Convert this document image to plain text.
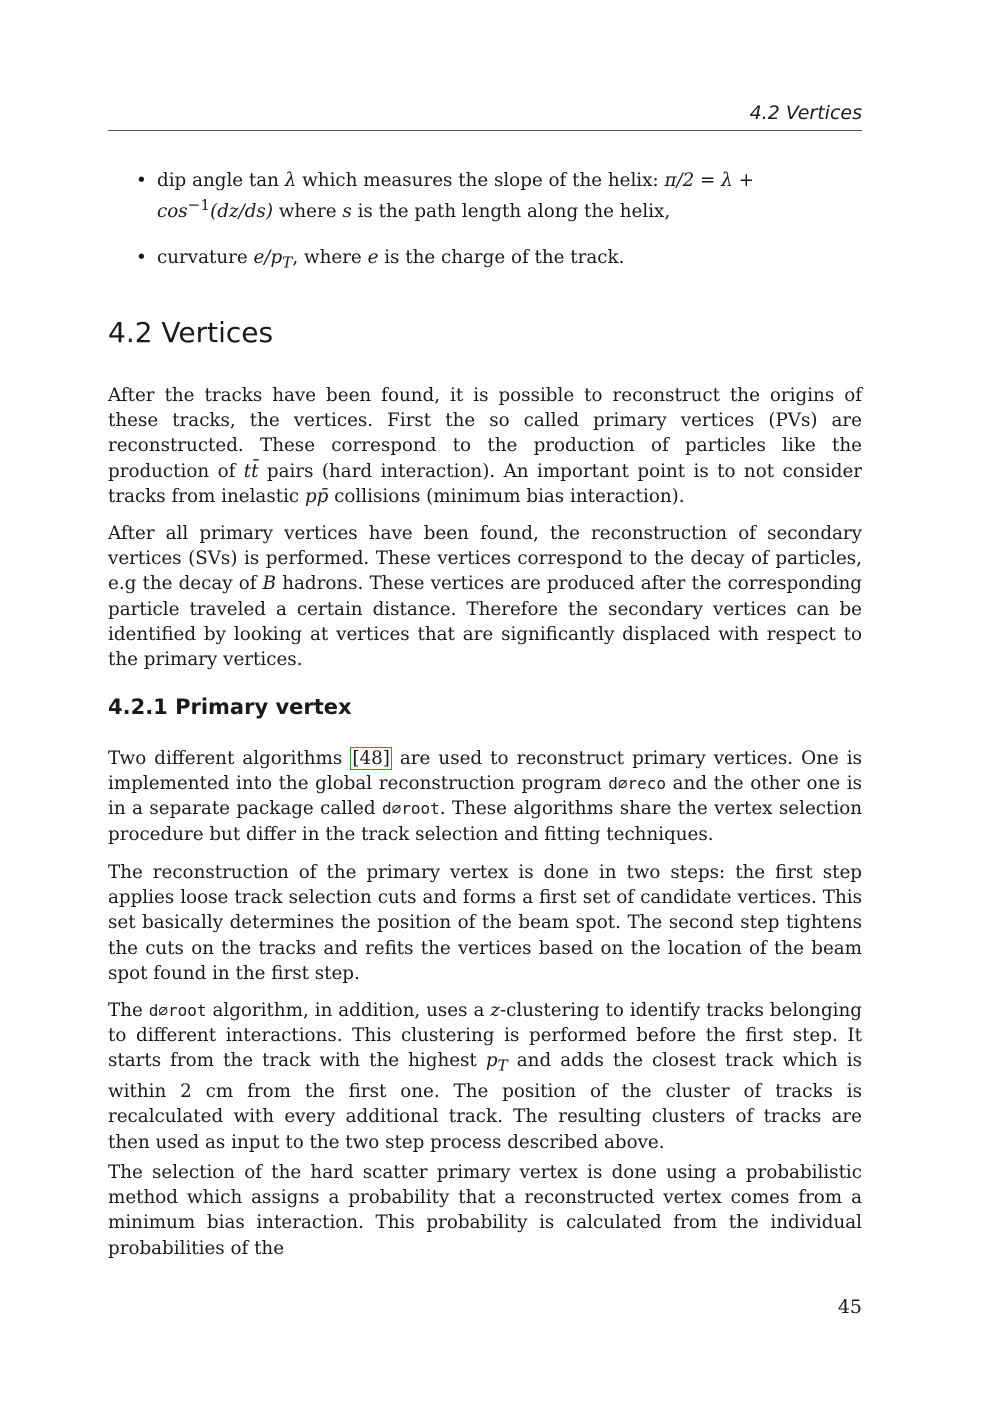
4.2 Vertices
• dip angle tan λ which measures the slope of the helix: $\pi/2 = \lambda + \cos^{-1}(dz/ds)$ where s is the path length along the helix,
• curvature $e/p_T$, where e is the charge of the track.
4.2 Vertices

After the tracks have been found, it is possible to reconstruct the origins of these tracks, the vertices. First the so called primary vertices (PVs) are reconstructed. These correspond to the production of particles like the production of tt̄ pairs (hard interaction). An important point is to not consider tracks from inelastic pp̄ collisions (minimum bias interaction).

After all primary vertices have been found, the reconstruction of secondary vertices (SVs) is performed. These vertices correspond to the decay of particles, e.g the decay of B hadrons. These vertices are produced after the corresponding particle traveled a certain distance. Therefore the secondary vertices can be identified by looking at vertices that are significantly displaced with respect to the primary vertices.

4.2.1 Primary vertex

Two different algorithms [48] are used to reconstruct primary vertices. One is implemented into the global reconstruction program d∅reco and the other one is in a separate package called d∅root. These algorithms share the vertex selection procedure but differ in the track selection and fitting techniques.

The reconstruction of the primary vertex is done in two steps: the first step applies loose track selection cuts and forms a first set of candidate vertices. This set basically determines the position of the beam spot. The second step tightens the cuts on the tracks and refits the vertices based on the location of the beam spot found in the first step.

The d∅root algorithm, in addition, uses a z-clustering to identify tracks belonging to different interactions. This clustering is performed before the first step. It starts from the track with the highest $p_T$ and adds the closest track which is within 2 cm from the first one. The position of the cluster of tracks is recalculated with every additional track. The resulting clusters of tracks are then used as input to the two step process described above.

The selection of the hard scatter primary vertex is done using a probabilistic method which assigns a probability that a reconstructed vertex comes from a minimum bias interaction. This probability is calculated from the individual probabilities of the

45
